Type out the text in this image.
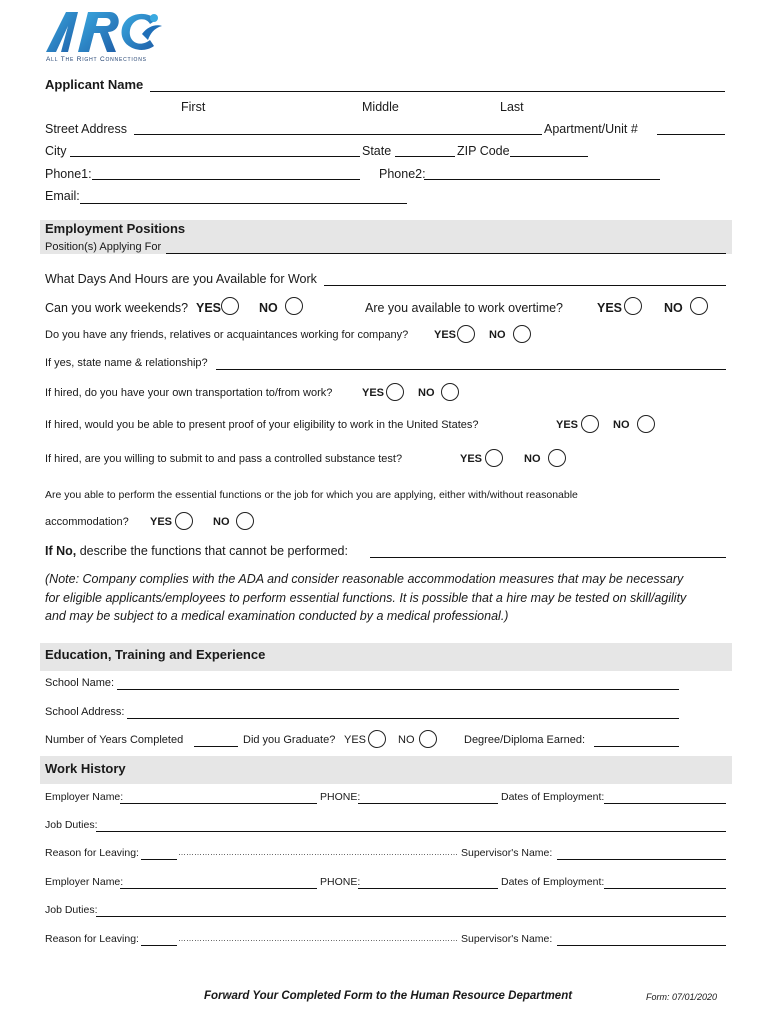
All The Right Connections
Applicant Name
First	Middle	Last
Street Address	Apartment/Unit #
City	State	ZIP Code
Phone1:	Phone2:
Email:
Employment Positions
Position(s) Applying For
What Days And Hours are you Available for Work
Can you work weekends? YES	NO	Are you available to work overtime?	YES	NO
Do you have any friends, relatives or acquaintances working for company? YES	NO
If yes, state name & relationship?
If hired, do you have your own transportation to/from work?	YES	NO
If hired, would you be able to present proof of your eligibility to work in the United States?	YES	NO
If hired, are you willing to submit to and pass a controlled substance test?	YES	NO
Are you able to perform the essential functions or the job for which you are applying, either with/without reasonable
accommodation? YES	NO
If No, describe the functions that cannot be performed:
(Note: Company complies with the ADA and consider reasonable accommodation measures that may be necessary for eligible applicants/employees to perform essential functions. It is possible that a hire may be tested on skill/agility and may be subject to a medical examination conducted by a medical professional.)
Education, Training and Experience
School Name:
School Address:
Number of Years Completed	Did you Graduate? YES	NO	Degree/Diploma Earned:
Work History
Employer Name:	PHONE:	Dates of Employment:
Job Duties:
Reason for Leaving:	…………………………………………………………………………………………… Supervisor's Name:
Employer Name:	PHONE:	Dates of Employment:
Job Duties:
Reason for Leaving:	…………………………………………………………………………………………… Supervisor's Name:
Forward Your Completed Form to the Human Resource Department	Form: 07/01/2020
